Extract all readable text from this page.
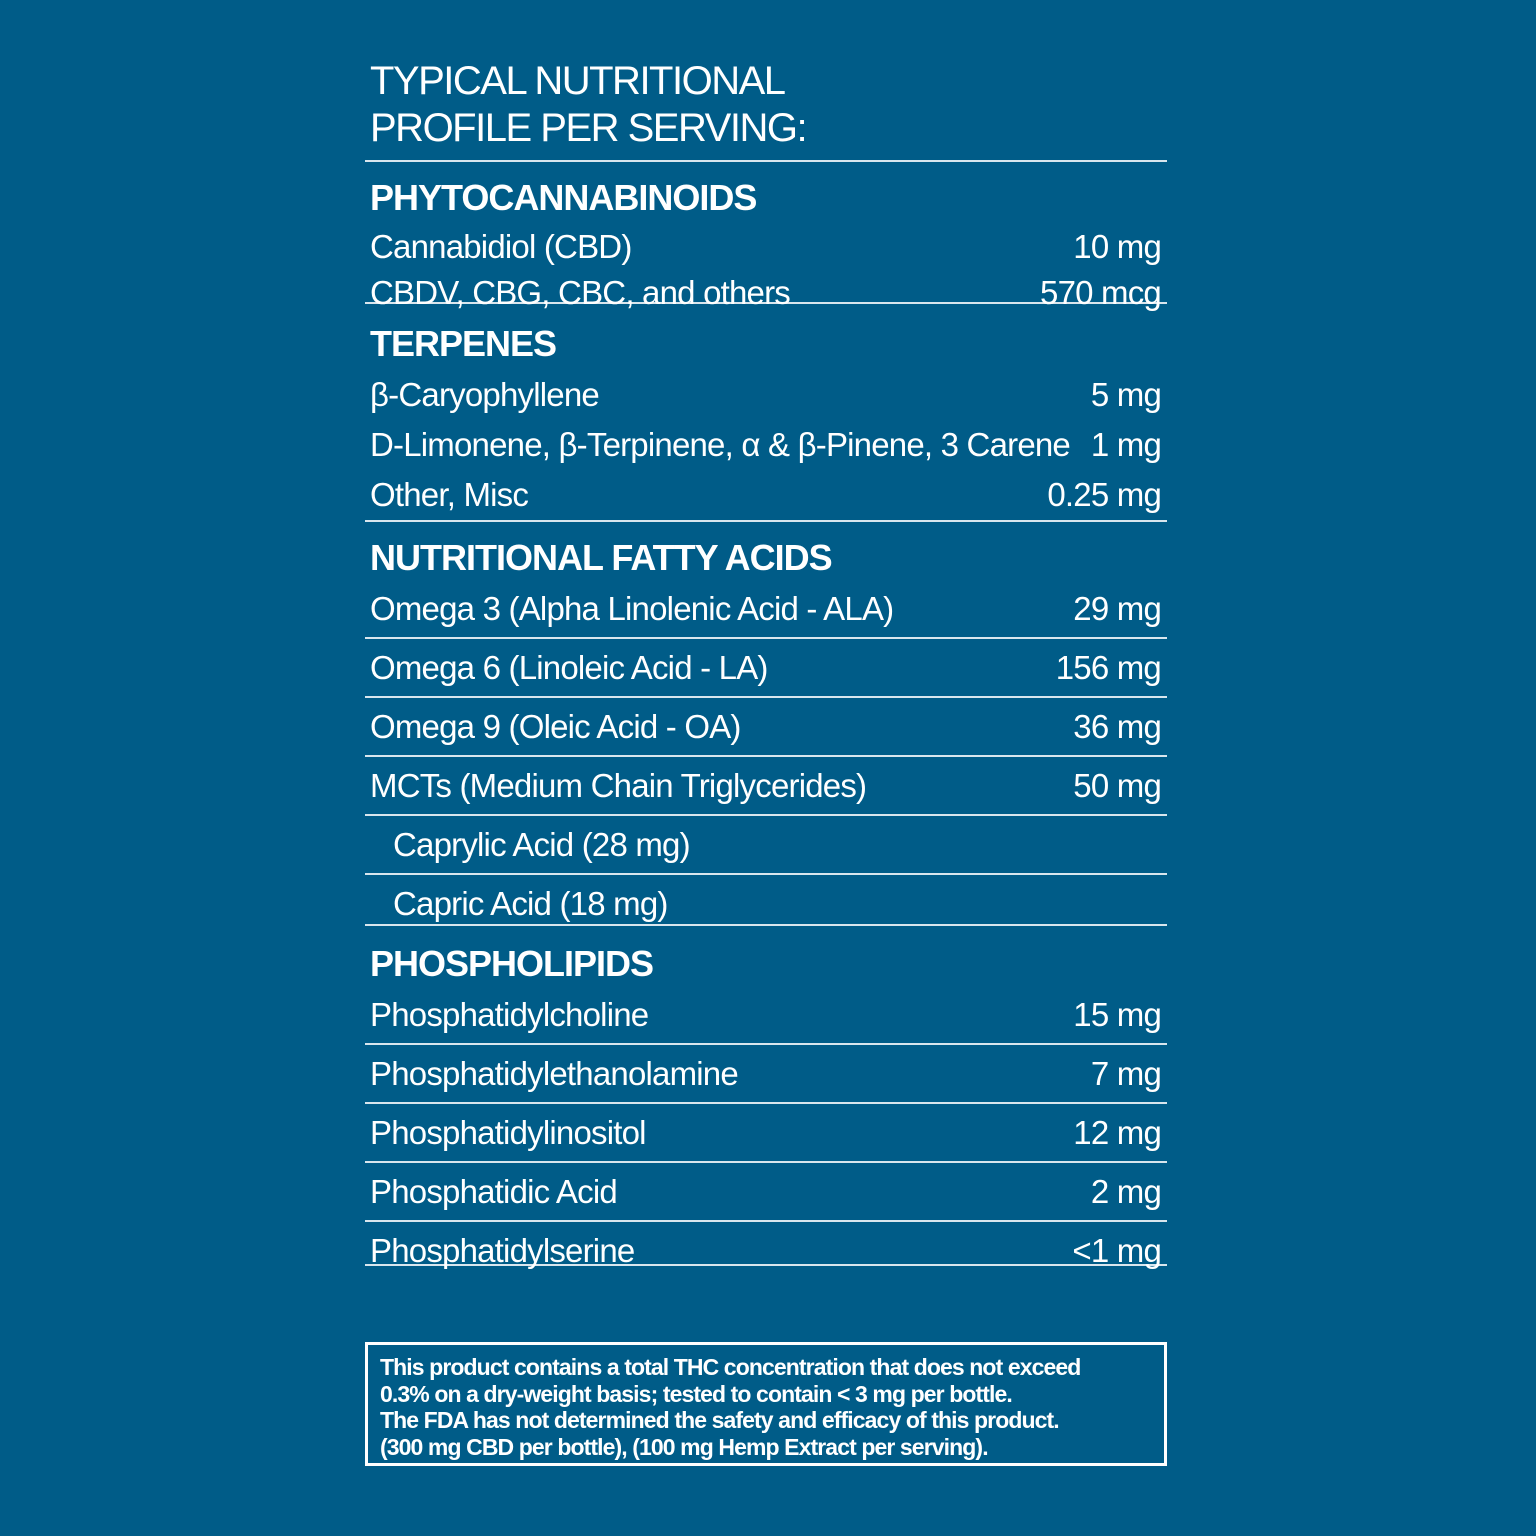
TYPICAL NUTRITIONAL
PROFILE PER SERVING:
PHYTOCANNABINOIDS
Cannabidiol (CBD)	10 mg
CBDV, CBG, CBC, and others	570 mcg
TERPENES
β-Caryophyllene	5 mg
D-Limonene, β-Terpinene, α & β-Pinene, 3 Carene 1 mg
Other, Misc	0.25 mg
NUTRITIONAL FATTY ACIDS
Omega 3 (Alpha Linolenic Acid - ALA)	29 mg
Omega 6 (Linoleic Acid - LA)	156 mg
Omega 9 (Oleic Acid - OA)	36 mg
MCTs (Medium Chain Triglycerides)	50 mg
Caprylic Acid (28 mg)
Capric Acid (18 mg)
PHOSPHOLIPIDS
Phosphatidylcholine	15 mg
Phosphatidylethanolamine	7 mg
Phosphatidylinositol	12 mg
Phosphatidic Acid	2 mg
Phosphatidylserine	<1 mg
This product contains a total THC concentration that does not exceed
0.3% on a dry-weight basis; tested to contain < 3 mg per bottle.
The FDA has not determined the safety and efficacy of this product.
(300 mg CBD per bottle), (100 mg Hemp Extract per serving).
